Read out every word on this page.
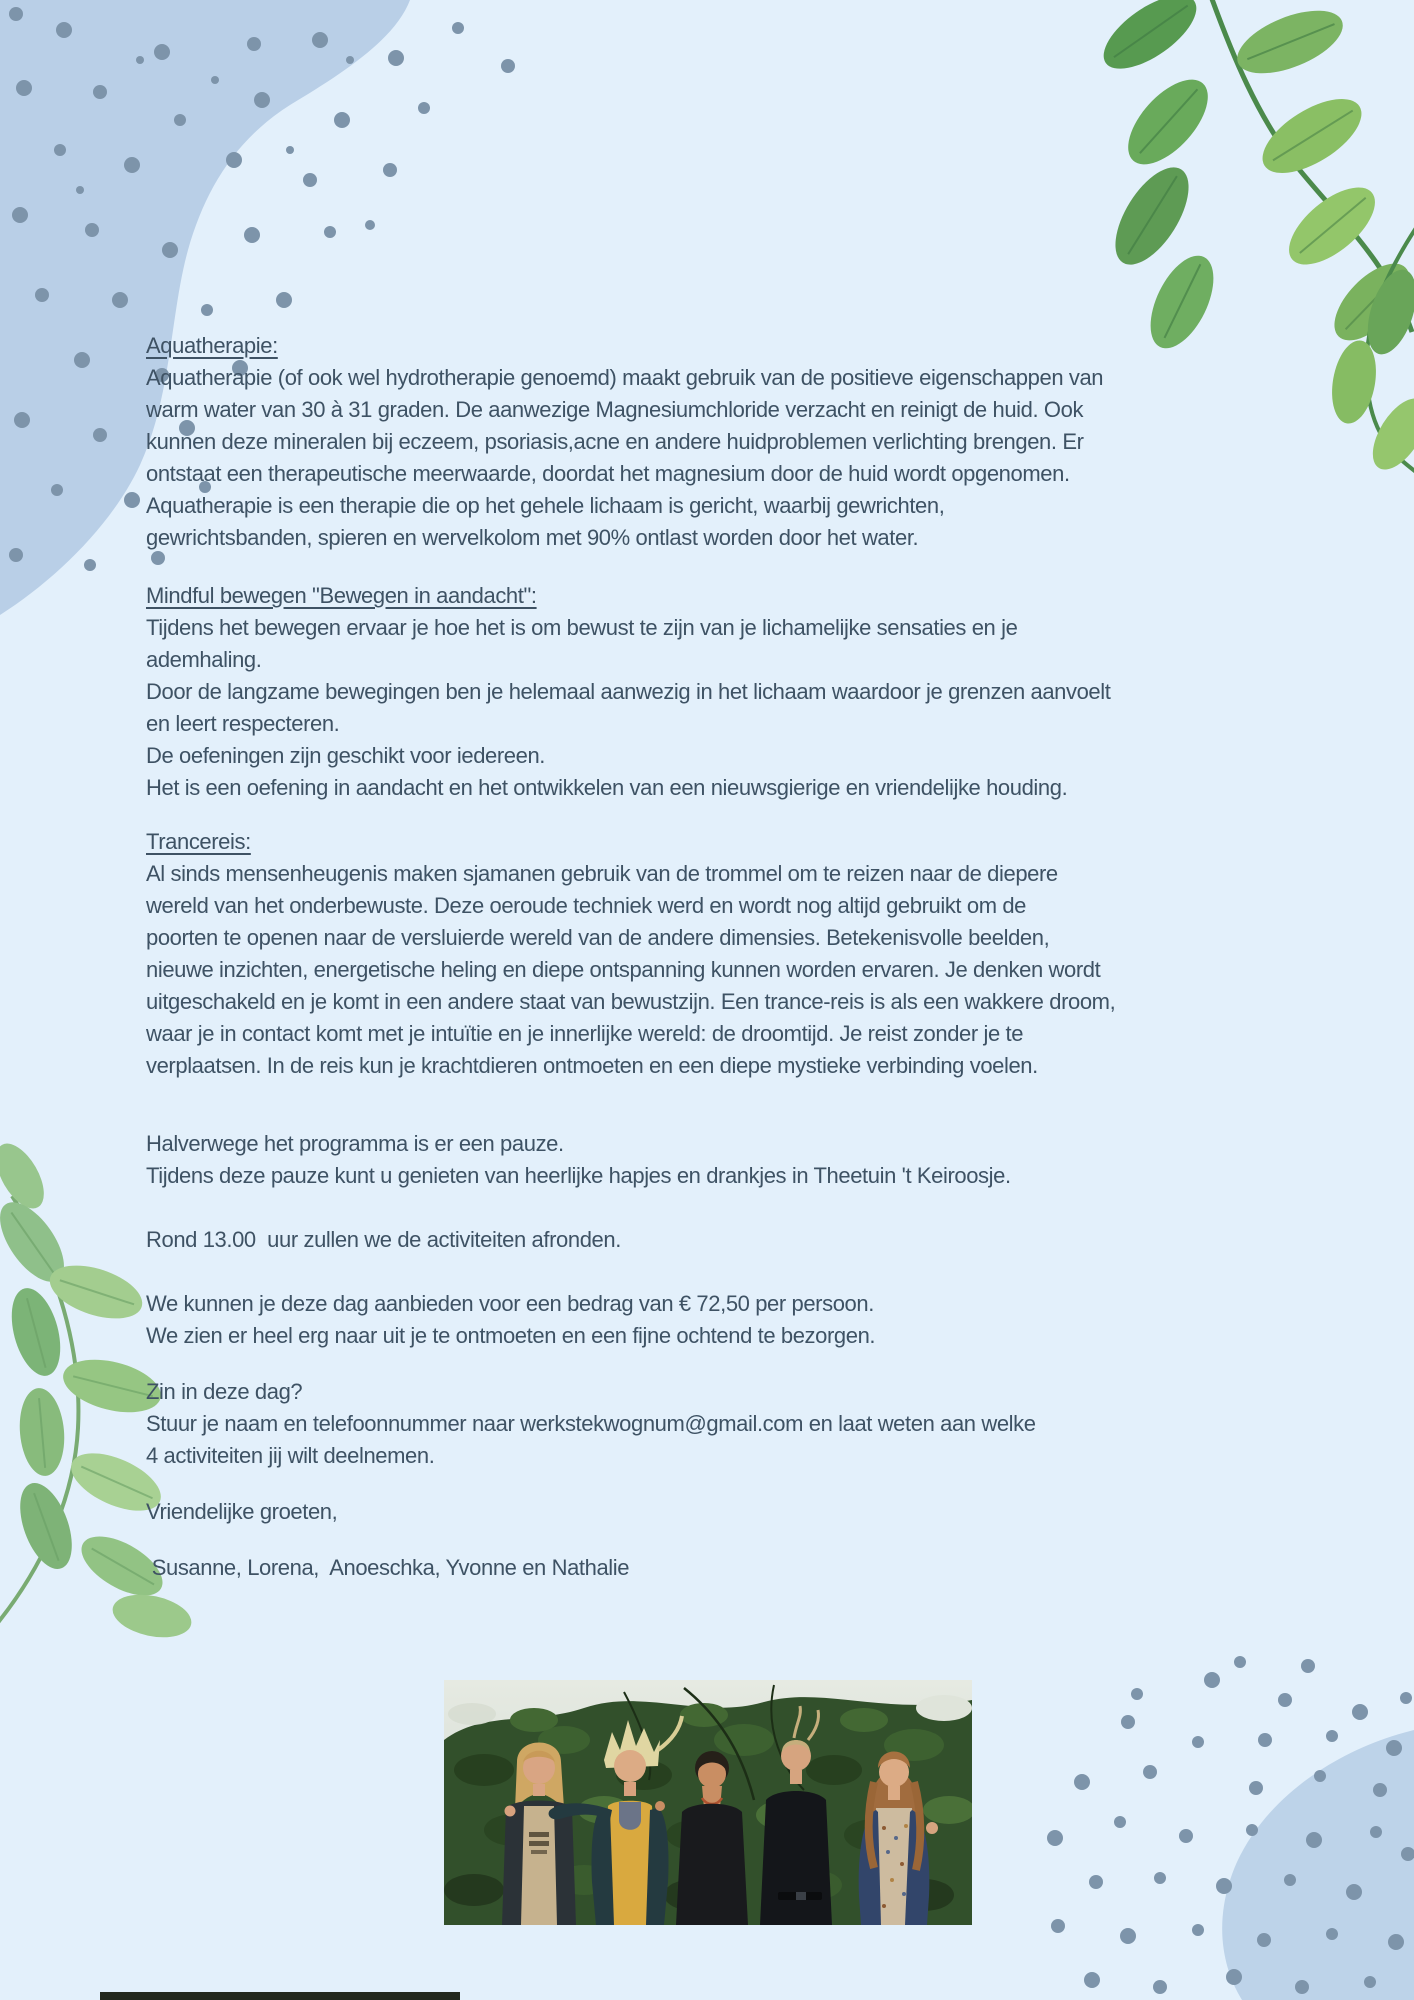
Aquatherapie:
Aquatherapie (of ook wel hydrotherapie genoemd) maakt gebruik van de positieve eigenschappen van
warm water van 30 à 31 graden. De aanwezige Magnesiumchloride verzacht en reinigt de huid. Ook
kunnen deze mineralen bij eczeem, psoriasis,acne en andere huidproblemen verlichting brengen. Er
ontstaat een therapeutische meerwaarde, doordat het magnesium door de huid wordt opgenomen.
Aquatherapie is een therapie die op het gehele lichaam is gericht, waarbij gewrichten,
gewrichtsbanden, spieren en wervelkolom met 90% ontlast worden door het water.
Mindful bewegen "Bewegen in aandacht":
Tijdens het bewegen ervaar je hoe het is om bewust te zijn van je lichamelijke sensaties en je
ademhaling.
Door de langzame bewegingen ben je helemaal aanwezig in het lichaam waardoor je grenzen aanvoelt
en leert respecteren.
De oefeningen zijn geschikt voor iedereen.
Het is een oefening in aandacht en het ontwikkelen van een nieuwsgierige en vriendelijke houding.
Trancereis:
Al sinds mensenheugenis maken sjamanen gebruik van de trommel om te reizen naar de diepere
wereld van het onderbewuste. Deze oeroude techniek werd en wordt nog altijd gebruikt om de
poorten te openen naar de versluierde wereld van de andere dimensies. Betekenisvolle beelden,
nieuwe inzichten, energetische heling en diepe ontspanning kunnen worden ervaren. Je denken wordt
uitgeschakeld en je komt in een andere staat van bewustzijn. Een trance-reis is als een wakkere droom,
waar je in contact komt met je intuïtie en je innerlijke wereld: de droomtijd. Je reist zonder je te
verplaatsen. In de reis kun je krachtdieren ontmoeten en een diepe mystieke verbinding voelen.
Halverwege het programma is er een pauze.
Tijdens deze pauze kunt u genieten van heerlijke hapjes en drankjes in Theetuin 't Keiroosje.
Rond 13.00  uur zullen we de activiteiten afronden.
We kunnen je deze dag aanbieden voor een bedrag van € 72,50 per persoon.
We zien er heel erg naar uit je te ontmoeten en een fijne ochtend te bezorgen.
Zin in deze dag?
Stuur je naam en telefoonnummer naar werkstekwognum@gmail.com en laat weten aan welke
4 activiteiten jij wilt deelnemen.
Vriendelijke groeten,
Susanne, Lorena,  Anoeschka, Yvonne en Nathalie
